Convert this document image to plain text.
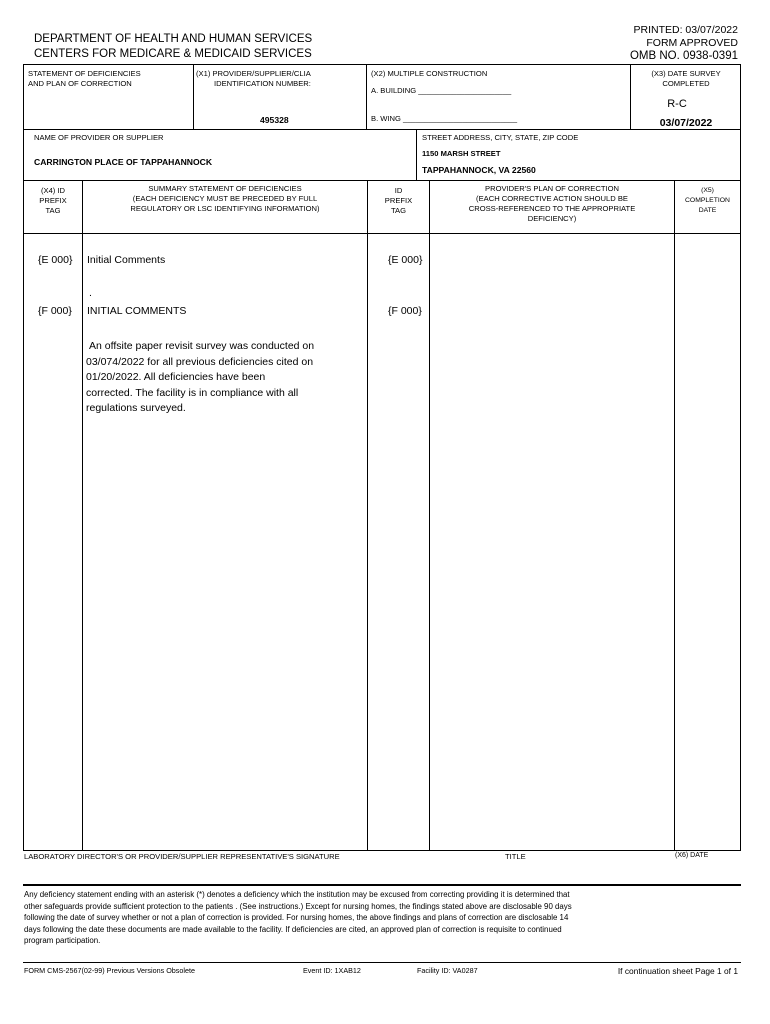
DEPARTMENT OF HEALTH AND HUMAN SERVICES
CENTERS FOR MEDICARE & MEDICAID SERVICES
PRINTED: 03/07/2022
FORM APPROVED
OMB NO. 0938-0391
STATEMENT OF DEFICIENCIES
AND PLAN OF CORRECTION
(X1) PROVIDER/SUPPLIER/CLIA
IDENTIFICATION NUMBER:
495328
(X2) MULTIPLE CONSTRUCTION
A. BUILDING ______________________
B. WING ___________________________
(X3) DATE SURVEY
COMPLETED
R-C
03/07/2022
NAME OF PROVIDER OR SUPPLIER
CARRINGTON PLACE OF TAPPAHANNOCK
STREET ADDRESS, CITY, STATE, ZIP CODE
1150 MARSH STREET
TAPPAHANNOCK, VA 22560
(X4) ID
PREFIX
TAG
SUMMARY STATEMENT OF DEFICIENCIES
(EACH DEFICIENCY MUST BE PRECEDED BY FULL
REGULATORY OR LSC IDENTIFYING INFORMATION)
ID
PREFIX
TAG
PROVIDER'S PLAN OF CORRECTION
(EACH CORRECTIVE ACTION SHOULD BE
CROSS-REFERENCED TO THE APPROPRIATE
DEFICIENCY)
(X5)
COMPLETION
DATE
{E 000} Initial Comments	{E 000}
.
{F 000} INITIAL COMMENTS	{F 000}
An offsite paper revisit survey was conducted on
03/074/2022 for all previous deficiencies cited on
01/20/2022. All deficiencies have been
corrected. The facility is in compliance with all
regulations surveyed.
LABORATORY DIRECTOR'S OR PROVIDER/SUPPLIER REPRESENTATIVE'S SIGNATURE	TITLE	(X6) DATE
Any deficiency statement ending with an asterisk (*) denotes a deficiency which the institution may be excused from correcting providing it is determined that
other safeguards provide sufficient protection to the patients . (See instructions.) Except for nursing homes, the findings stated above are disclosable 90 days
following the date of survey whether or not a plan of correction is provided. For nursing homes, the above findings and plans of correction are disclosable 14
days following the date these documents are made available to the facility. If deficiencies are cited, an approved plan of correction is requisite to continued
program participation.
FORM CMS-2567(02-99) Previous Versions Obsolete	Event ID: 1XAB12	Facility ID: VA0287	If continuation sheet Page 1 of 1
